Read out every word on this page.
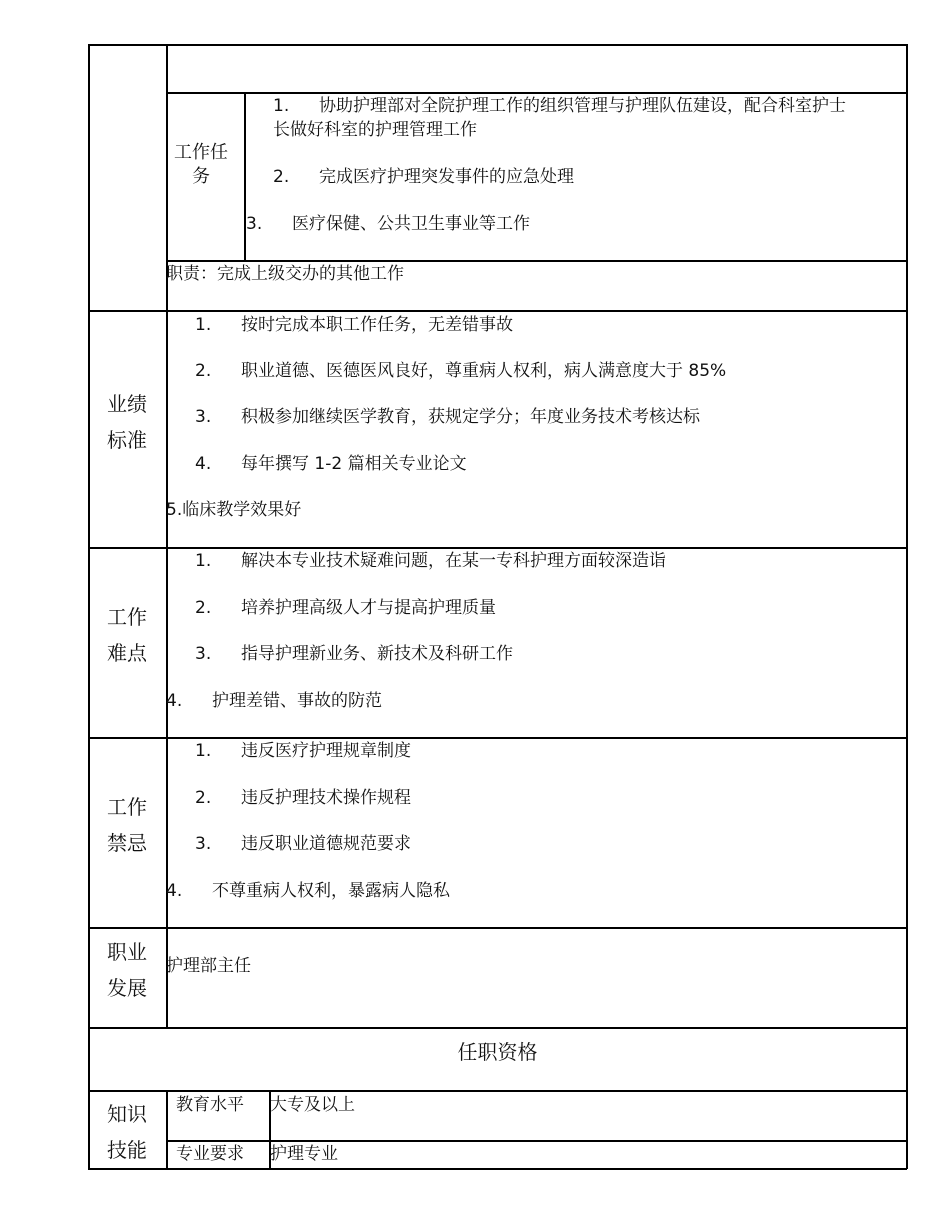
工作任务
1. 协助护理部对全院护理工作的组织管理与护理队伍建设，配合科室护士
长做好科室的护理管理工作
2. 完成医疗护理突发事件的应急处理
3. 医疗保健、公共卫生事业等工作
职责：完成上级交办的其他工作
业绩
标准
1. 按时完成本职工作任务，无差错事故
2. 职业道德、医德医风良好，尊重病人权利，病人满意度大于 85%
3. 积极参加继续医学教育，获规定学分；年度业务技术考核达标
4. 每年撰写 1-2 篇相关专业论文
5.临床教学效果好
工作
难点
1. 解决本专业技术疑难问题，在某一专科护理方面较深造诣
2. 培养护理高级人才与提高护理质量
3. 指导护理新业务、新技术及科研工作
4. 护理差错、事故的防范
工作
禁忌
1. 违反医疗护理规章制度
2. 违反护理技术操作规程
3. 违反职业道德规范要求
4. 不尊重病人权利，暴露病人隐私
职业
发展
护理部主任
任职资格
知识
技能
教育水平 大专及以上
专业要求 护理专业
